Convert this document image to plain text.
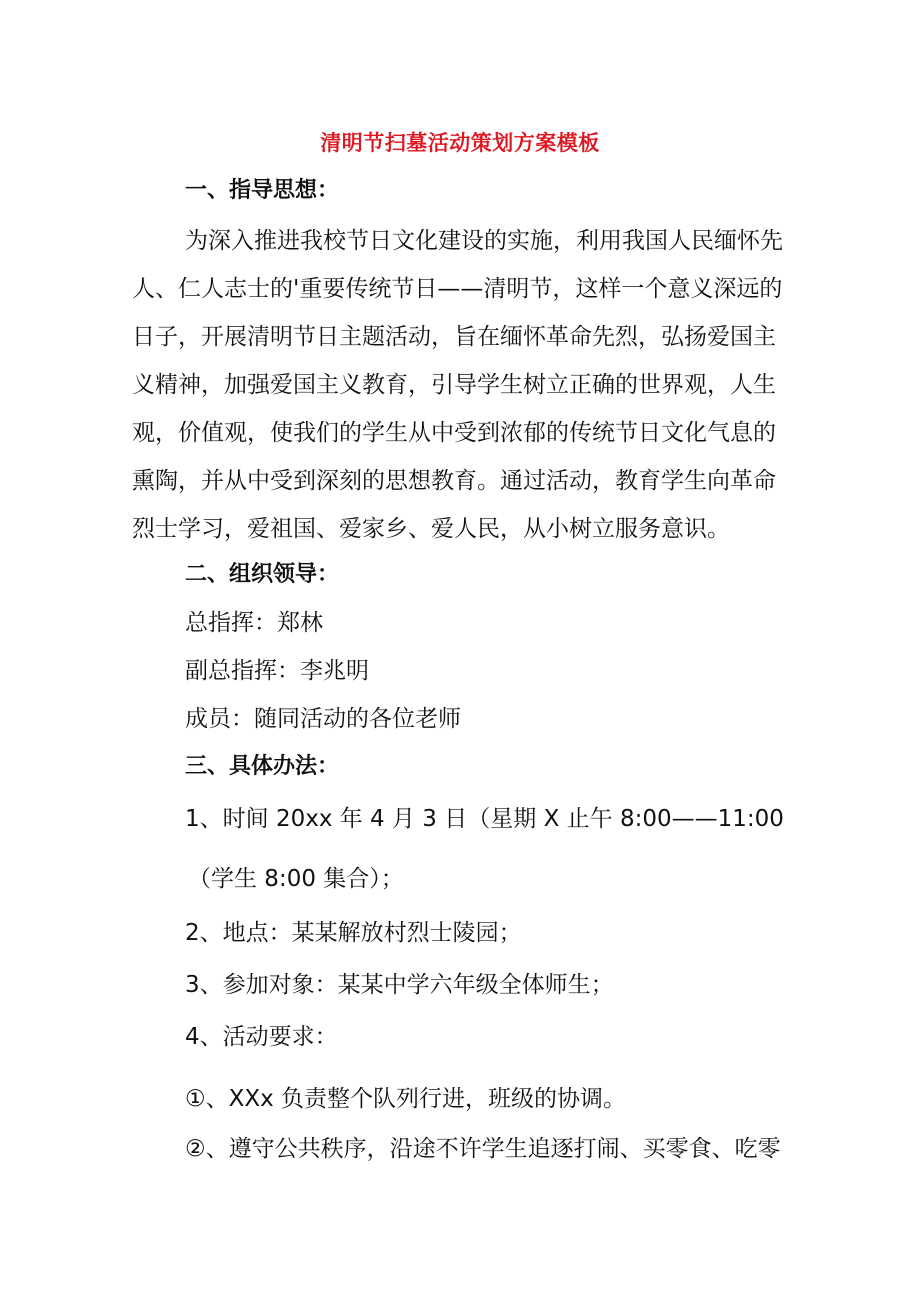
清明节扫墓活动策划方案模板
一、指导思想：
为深入推进我校节日文化建设的实施，利用我国人民缅怀先
人、仁人志士的'重要传统节日——清明节，这样一个意义深远的
日子，开展清明节日主题活动，旨在缅怀革命先烈，弘扬爱国主
义精神，加强爱国主义教育，引导学生树立正确的世界观，人生
观，价值观，使我们的学生从中受到浓郁的传统节日文化气息的
熏陶，并从中受到深刻的思想教育。通过活动，教育学生向革命
烈士学习，爱祖国、爱家乡、爱人民，从小树立服务意识。
二、组织领导：
总指挥：郑林
副总指挥：李兆明
成员：随同活动的各位老师
三、具体办法：
1、时间 20xx 年 4 月 3 日（星期 X 止午 8:00——11:00
（学生 8:00 集合）；
2、地点：某某解放村烈士陵园；
3、参加对象：某某中学六年级全体师生；
4、活动要求：
①、XXx 负责整个队列行进，班级的协调。
②、遵守公共秩序，沿途不许学生追逐打闹、买零食、吃零
